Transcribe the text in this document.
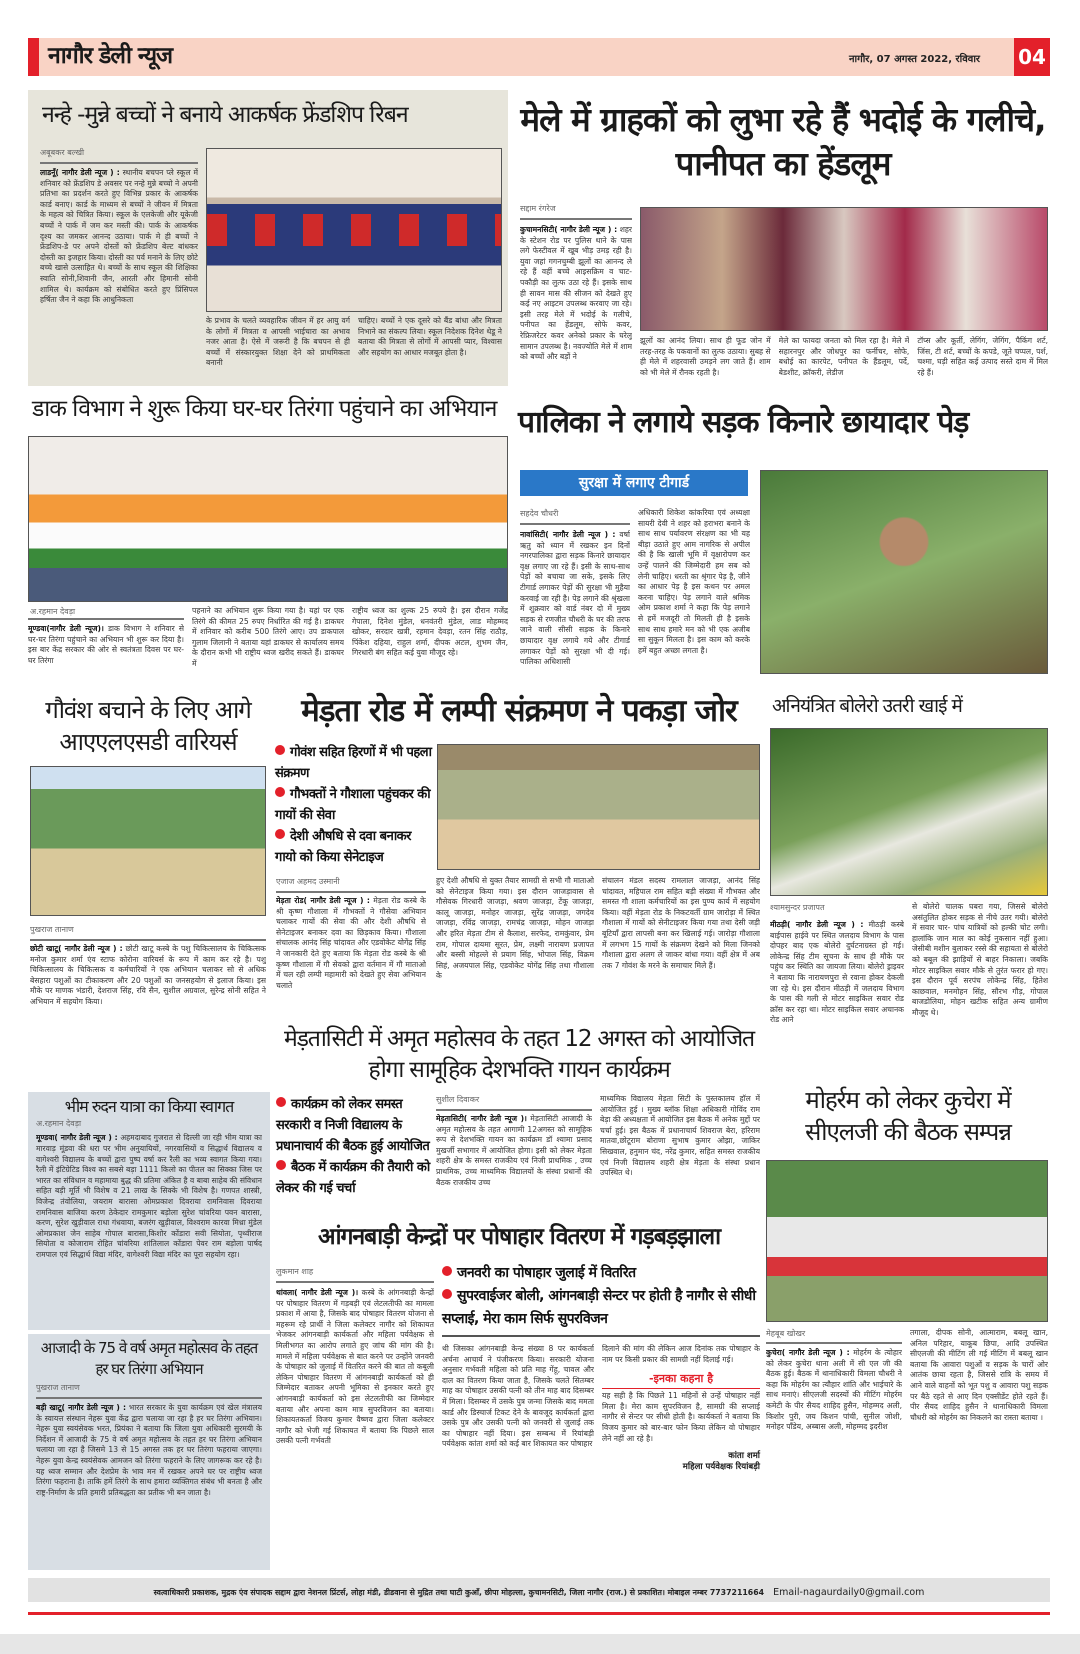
नागौर डेली न्यूज	नागौर, 07 अगस्त 2022, रविवार 04
नन्हे -मुन्ने बच्चों ने बनाये आकर्षक फ्रेंडशिप रिबन
अबूबकर बल्खी
लाडनूँ( नागौर डेली न्यूज ) : स्थानीय बचपन प्ले स्कूल में शनिवार को फ्रेंडशिप डे अवसर पर नन्हे मुन्ने बच्चो ने अपनी प्रतिभा का प्रदर्शन करते हुए विभिन्न प्रकार के आकर्षक कार्ड बनाए। कार्ड के माध्यम से बच्चों ने जीवन में मित्रता के महत्व को चित्रित किया। स्कूल के एलकेजी और यूकेजी बच्चों ने पार्क में जम कर मस्ती की। पार्क के आकर्षक दृश्य का जमकर आनन्द उठाया। पार्क मे ही बच्चों ने फ्रेंडशिप-डे पर अपने दोस्तों को फ्रेंडशिप बेल्ट बांधकर दोस्ती का इजहार किया। दोस्ती का पर्व मनाने के लिए छोटे बच्चे खासे उत्साहित थे। बच्चों के साथ स्कूल की शिक्षिका स्वाति सोनी,शिवानी जैन, आरती और हिमानी सोनी शामिल थे। कार्यक्रम को संबोधित करते हुए प्रिंसिपल हर्षिता जैन ने कहा कि आधुनिकता
के प्रभाव के चलते व्यवहारिक जीवन में हर आयु वर्ग के लोगों में मित्रता व आपसी भाईचारा का अभाव नजर आता है। ऐसे में जरूरी है कि बचपन से ही बच्चों में संस्कारयुक्त शिक्षा देने को प्राथमिकता बनानी
चाहिए। बच्चों ने एक दूसरे को बैंड बांधा और मित्रता निभाने का संकल्प लिया। स्कूल निदेशक दिनेश थेडू ने बताया की मित्रता से लोगों में आपसी प्यार, विश्वास और सहयोग का आधार मजबूत होता है।
मेले में ग्राहकों को लुभा रहे हैं भदोई के गलीचे, पानीपत का हेंडलूम
सद्दाम रंगरेज
कुचामनसिटी( नागौर डेली न्यूज ) : शहर के स्टेशन रोड पर पुलिस थाने के पास लगे फेस्टीवल में खूब भीड़ उमड़ रही है। युवा जहां गगनचुम्बी झूलों का आनन्द ले रहे हैं वहीं बच्चे आइसक्रिम व चाट-पकौड़ी का लुत्फ उठा रहे हैं। इसके साथ ही सावन मास की सीजन को देखते हुए कई नए आइटम उपलब्ध करवाए जा रहे। इसी तरह मेले में भदोई के गलीचे, पनीपत का हेंडलूम, सोफे कवर, रेफ्रिजरेटर कवर अनेको प्रकार के घरेलू सामान उपलब्ध है। नवज्योति मेले में शाम को बच्चों और बड़ों ने
झूलों का आनंद लिया। साथ ही फूड जोन में तरह-तरह के पकवानों का लुत्फ उठाया। सुबह से ही मेले में शहरवासी उमड़ने लग जाते हैं। शाम को भी मेले में रौनक रहती है।
मेले का फायदा जनता को मिल रहा है। मेले में सहारनपुर और जोधपुर का फर्नीचर, सोफे, बधोई का कारपेट, पनीपत के हैंडलूम, पर्दे, बेडशीट, क्रॉकरी, लेडीज
टॉप्स और कूर्ती, लेगिंग, जेगिंग, पैकिंग शर्ट, जिंस, टी शर्ट, बच्चों के कपडे, जूते चप्पल, पर्श, चश्मा, घड़ी सहित कई उत्पाद सस्ते दाम में मिल रहे हैं।
डाक विभाग ने शुरू किया घर-घर तिरंगा पहुंचाने का अभियान
अ.रहमान देवड़ा
मूण्डवा(नागौर डेली न्यूज)। डाक विभाग ने शनिवार से घर-घर तिरंगा पहुंचाने का अभियान भी शुरू कर दिया है। इस बार केंद्र सरकार की ओर से स्वतंत्रता दिवस पर घर-घर तिरंगा
पहनाने का अभियान शुरू किया गया है। यहां पर एक तिरंगे की कीमत 25 रुपए निर्धारित की गई है। डाकघर में शनिवार को करीब 500 तिरंगे आए। उप डाकपाल गुलाम जिलानी ने बताया यहां डाकघर से कार्यालय समय के दौरान कभी भी राष्ट्रीय ध्वज खरीद सकते हैं। डाकघर में
राष्ट्रीय ध्वज का शुल्क 25 रुपये है। इस दौरान गजेंद्र गेपाला, दिनेश मुंडेल, धनवंतरी मुंडेल, लाड मोहम्मद खोकर, सरदार खत्री, रहमान देवड़ा, रतन सिंह राठौड़, पिंकेश दहिया, राहुल शर्मा, दीपक अटल, शुभम जैन, गिरधारी बंग सहित कई युवा मौजूद रहे।
पालिका ने लगाये सड़क किनारे छायादार पेड़
सुरक्षा में लगाए टीगार्ड
सहदेव चौधरी
नावांसिटी( नागौर डेली न्यूज ) : वर्षा ऋतु को ध्यान में रखकर इन दिनों नगरपालिका द्वारा सड़क किनारे छायादार वृक्ष लगाए जा रहे हैं। इसी के साथ-साथ पेड़ों को बचाया जा सके, इसके लिए टीगार्ड लगाकर पेड़ों की सुरक्षा भी मुहैया करवाई जा रही है। पेड़ लगाने की श्रृंखला में शुक्रवार को वार्ड नंबर दो में मुख्य सड़क से रणजीत चौधरी के घर की तरफ जाने वाली सीसी सड़क के किनारे छायादार वृक्ष लगाये गये और टीगार्ड लगाकर पेड़ों को सुरक्षा भी दी गई। पालिका अधिशासी
अधिकारी शिकेश कांकरिया एवं अध्यक्षा सायरी देवी ने शहर को हराभरा बनाने के साथ साथ पर्यावरण संरक्षण का भी यह बीड़ा उठाते हुए आम नागरिक से अपील की है कि खाली भूमि में वृक्षारोपण कर उन्हें पालने की जिम्मेदारी हम सब को लेनी चाहिए। धरती का श्रृंगार पेड़ है, जीने का आधार पेड़ है इस कथन पर अमल करना चाहिए। पेड़ लगाने वाले श्रमिक ओम प्रकाश शर्मा ने कहा कि पेड़ लगाने से हमें मजदूरी तो मिलती ही है इसके साथ साथ हमारे मन को भी एक अजीब सा सुकून मिलता है। इस काम को करके हमें बहुत अच्छा लगता है।
गौवंश बचाने के लिए आगे आएएलएसडी वारियर्स
पुखराज तानाण
छोटी खाटू( नागौर डेली न्यूज ) : छोटी खाटू कस्बे के पशु चिकित्सालय के चिकित्सक मनोज कुमार शर्मा एंव स्टाफ कोरोना वारियर्स के रूप में काम कर रहे है। पशु चिकित्सालय के चिकित्सक व कर्मचारियों ने एक अभियान चलाकर सो से अधिक बेसहारा पशुओं का टीकाकरण और 20 पशुओं का जनसहयोग से इलाज किया। इस मौके पर माणक भंडारी, देशराज सिंह, रवि सैन, सुशील अग्रवाल, सुरेन्द्र सोनी सहित ने अभियान में सहयोग किया।
मेड़ता रोड में लम्पी संक्रमण ने पकड़ा जोर
गोवंश सहित हिरणों में भी पहला संक्रमण
गौभक्तों ने गौशाला पहुंचकर की गायों की सेवा
देशी औषधि से दवा बनाकर गायो को किया सेनेटाइज
एजाज अहमद उस्मानी
मेड़ता रोड( नागौर डेली न्यूज ) : मेड़ता रोड कस्बे के श्री कृष्ण गौशाला में गौभक्तों ने गौसेवा अभियान चलाकर गायों की सेवा की और देशी औषधि से सेनेटाइजर बनाकर दवा का छिड़काव किया। गौशाला संचालक आनंद सिंह चांदावत और एडवोकेट योगेंद्र सिंह ने जानकारी देते हुए बताया कि मेड़ता रोड कस्बे के श्री कृष्ण गौशाला में गौ सेवको द्वारा वर्तमान में गौ माताओ में चल रही लम्पी महामारी को देखते हुए सेवा अभियान चलाते
हुए देशी औषधि से युक्त तैयार सामग्री से सभी गौ माताओ को सेनेटाइज किया गया। इस दौरान जाजड़ावास से गौसेवक गिरधारी जाजड़ा, श्रवण जाजड़ा, टेंकू जाजड़ा, कालू जाजड़ा, मनोहर जाजड़ा, सुरेंद्र जाजड़ा, जगदेव जाजड़ा, रविंद्र जाजड़ा, रामचंद्र जाजड़ा, मोहन जाजड़ा और हरित मेड़ता टीम से कैलाश, सरफेद, रामकुंवार, प्रेम राम, गोपाल दायमा सूरत, प्रेम, लक्ष्मी नारायण प्रजापत और बस्सी मोहल्ले से प्रयाग सिंह, भोपाल सिंह, विक्रम सिहं, अजयपाल सिंह, एडवोकेट योगेंद्र सिंह तथा गौशाला के
संचालन मंडल सदस्य रामलाल जाजड़ा, आनंद सिंह चांदावत, महिपाल राम सहित बड़ी संख्या में गौभक्त और समस्त गौ शाला कर्मचारियों का इस पुण्य कार्य में सहयोग किया। वहीं मेड़ता रोड के निकटवर्ती ग्राम जारोड़ा में स्थित गौशाला में गायों को सेनीटाइजर किया गया तथा देसी जड़ी बूटियाँ द्वारा लापसी बना कर खिलाई गई। जारोड़ा गौशाला में लगभग 15 गायों के संक्रमण देखने को मिला जिनको गौशाला द्वारा अलग ले जाकर बांधा गया। वहीं क्षेत्र में अब तक 7 गोवंश के मरने के समाचार मिले हैं।
अनियंत्रित बोलेरो उतरी खाई में
श्यामसुन्दर प्रजापत
मीठड़ी( नागौर डेली न्यूज ) : मीठड़ी कस्बे बाईपास हाईवे पर स्थित जलदाय विभाग के पास दोपहर बाद एक बोलेरो दुर्घटनाग्रस्त हो गई। लोकेन्द्र सिंह टीम सूचना के साथ ही मौके पर पहुंच कर स्थिति का जायजा लिया। बोलेरो ड्राइवर ने बताया कि नारायणपुरा से रवाना होकर देकली जा रहे थे। इस दौरान मीठड़ी में जलदाय विभाग के पास की गली से मोटर साइकिल सवार रोड क्रॉस कर रहा था। मोटर साइकिल सवार अचानक रोड आने
से बोलेरो चालक घबरा गया, जिससे बोलेरो असंतुलित होकर सड़क से नीचे उतर गयी। बोलेरो में सवार चार- पांच यात्रियों को हल्की चोट लगी। हालांकि जान माल का कोई नुकसान नहीं हुआ। जेसीबी मशीन बुलाकर रस्से की सहायता से बोलेरो को बबूल की झाड़ियों से बाहर निकाला। जबकि मोटर साइकिल सवार मौके से तुरंत फरार हो गए। इस दौरान पूर्व सरपंच लोकेन्द्र सिंह, हितेश काछवाल, मनमोहन सिंह, सौरभ गौड़, गोपाल बाजडोलिया, मोहन खटीक सहित अन्य ग्रामीण मौजूद थे।
भीम रुदन यात्रा का किया स्वागत
अ.रहमान देवड़ा
मूण्डवा( नागौर डेली न्यूज ) : अहमदाबाद गुजरात से दिल्ली जा रही भीम यात्रा का मारवाड़ मूंडवा की धरा पर भीम अनुयायियों, नगरवासियों व सिद्धार्थ विद्यालय व वागेश्वरी विद्यालय के बच्चों द्वारा पुष्प वर्षा कर रैली का भव्य स्वागत किया गया। रैली में इंटिग्रेटिड विश्व का सबसे बड़ा 1111 किलो का पीतल का सिक्का जिस पर भारत का संविधान व महामाया बुद्ध की प्रतिमा अंकित है व बाबा साहेब की संविधान सहित बड़ी मूर्ति भी विशेष व 21 लाख के सिक्के भी विशेष है। गणपत शास्त्री, विजेन्द्र तंवोलिया, जयराम बारासा ओमप्रकाश दिवराया रामनिवास दिवराया रामनिवास बाजिया करण ठेकेदार रामकुमार बड़ोला सुरेश चांवरिया पवन बारासा, करण, सुरेश खुड़ीवाल राधा गंधवाया, बजरंग खुड़ीवाल, विश्वराम कारवा मिथ्रा मुंडेल ओमप्रकाश जेन साहेब गोपाल बारासा,किशोर कोंडारा सवी सियोता, पृथ्वीराज सियोता व कोजाराम रोहित चांवरिया शांतिलाल कोंडारा पेवर राम बड़ोला पार्षद रामपाल एवं सिद्धार्थ विद्या मंदिर, वागेश्वरी विद्या मंदिर का पूरा सहयोग रहा।
आजादी के 75 वे वर्ष अमृत महोत्सव के तहत हर घर तिरंगा अभियान
पुखराज तानाण
बड़ी खाटू( नागौर डेली न्यूज ) : भारत सरकार के युवा कार्यक्रम एवं खेल मंत्रालय के स्वायत्त संस्थान नेहरू युवा केंद्र द्वारा चलाया जा रहा है हर घर तिरंगा अभियान। नेहरू युवा स्वयंसेवक भरत, प्रियंका ने बताया कि जिला युवा अधिकारी सुरमयी के निर्देशन में आजादी के 75 वे वर्ष अमृत महोत्सव के तहत हर घर तिरंगा अभियान चलाया जा रहा है जिसमे 13 से 15 अगस्त तक हर घर तिरंगा फहराया जाएगा। नेहरू युवा केन्द्र स्वयंसेवक आमजन को तिरंगा फहराने के लिए जागरूक कर रहे है। यह ध्वज सम्मान और देशप्रेम के भाव मन में रखकर अपने घर पर राष्ट्रीय ध्वज तिरंगा फहराना है। ताकि हमें तिरंगे के साथ हमारा व्यक्तिगत संबंध भी बनता है और राष्ट्र-निर्माण के प्रति हमारी प्रतिबद्धता का प्रतीक भी बन जाता है।
मेड़तासिटी में अमृत महोत्सव के तहत 12 अगस्त को आयोजित होगा सामूहिक देशभक्ति गायन कार्यक्रम
कार्यक्रम को लेकर समस्त सरकारी व निजी विद्यालय के प्रधानाचार्य की बैठक हुई आयोजित
बैठक में कार्यक्रम की तैयारी को लेकर की गई चर्चा
सुशील दिवाकर
मेड़तासिटी( नागौर डेली न्यूज )। मेड़तासिटी आजादी के अमृत महोत्सव के तहत आगामी 12अगस्त को सामूहिक रूप से देशभक्ति गायन का कार्यक्रम डॉ श्यामा प्रसाद मुखर्जी सभागार में आयोजित होगा। इसी को लेकर मेड़ता शहरी क्षेत्र के समस्त राजकीय एवं निजी प्राथमिक , उच्च प्राथमिक, उच्च माध्यमिक विद्यालयों के संस्था प्रधानों की बैठक राजकीय उच्च
माध्यमिक विद्यालय मेड़ता सिटी के पुस्तकालय हॉल में आयोजित हुई । मुख्य ब्लॉक शिक्षा अधिकारी गोविंद राम बेड़ा की अध्यक्षता में आयोजित इस बैठक में अनेक मुद्दों पर चर्चा हुई। इस बैठक में प्रधानाचार्य शिवराज बेरा, हरिराम मातवा,छोटूराम बोराणा सुभाष कुमार ओझा, जाकिर सिखवाल, हनुमान चंद, नरेंद्र कुमार, सहित समस्त राजकीय एवं निजी विद्यालय शहरी क्षेत्र मेड़ता के संस्था प्रधान उपस्थित थे।
मोहर्रम को लेकर कुचेरा में सीएलजी की बैठक सम्पन्न
मेहबूब खोखर
कुचेरा( नागौर डेली न्यूज ) : मोहर्रम के त्योहार को लेकर कुचेरा थाना अली में सी एल जी की बैठक हुई। बैठक में थानाधिकारी विमला चौधरी ने कहा कि मोहर्रम का त्यौहार शांति और भाईचारे के साथ मनाएं। सीएलजी सदस्यों की मीटिंग मोहर्रम कमेटी के पीर सैयद शाहिद हुसैन, मोहम्मद अली, किशोर पुरी, जय किशन पांची, सुनील जोशी, मनोहर पाँडेय, अब्बास अली, मोहम्मद इदरीश
तगाला, दीपक सोनी, आत्माराम, बबलू खान, अनिल परिहार, याकूब छिपा, आदि उपस्थित सीएलजी की मीटिंग ली गई मीटिंग में बबलू खान बताया कि आवारा पशुओं व सड़क के चारों ओर आतंक छाया रहता है, जिससे रात्रि के समय में आने वाले वाहनों को भूत पशु व आवारा पशु सड़क पर बैठे रहते से आए दिन एक्सीडेंट होते रहते हैं। पीर सैयद शाहिद हुसैन ने थानाधिकारी विमला चौधरी को मोहर्रम का निकलने का रास्ता बताया ।
आंगनबाड़ी केन्द्रों पर पोषाहार वितरण में गड़बड़झाला
लुकमान शाह
थांवला( नागौर डेली न्यूज )। कस्बे के आंगनबाड़ी केन्द्रों पर पोषाहार वितरण में गड़बड़ी एवं लेटलतीफी का मामला प्रकाश में आया है, जिसके बाद पोषाहार वितरण योजना से महरूम रहे प्रार्थी ने जिला कलेक्टर नागौर को शिकायत भेजकर आंगनबाड़ी कार्यकर्ता और महिला पर्यवेक्षक से मिलीभगत का आरोप लगाते हुए जांच की मांग की है। मामले में महिला पर्यवेक्षक से बात करने पर उन्होंने जनवरी के पोषाहार को जुलाई में वितरित करने की बात तो कबूली लेकिन पोषाहार वितरण में आंगनबाड़ी कार्यकर्ता को ही जिम्मेदार बताकर अपनी भूमिका से इनकार करते हुए आंगनबाड़ी कार्यकर्ता को इस लेटलतीफी का जिम्मेदार बताया और अपना काम मात्र सुपरविजन का बताया। शिकायतकर्ता विजय कुमार वैष्णव द्वारा जिला कलेक्टर नागौर को भेजी गई शिकायत में बताया कि पिछले साल उसकी पत्नी गर्भवती
जनवरी का पोषाहार जुलाई में वितरित
सुपरवाईजर बोली, आंगनबाड़ी सेन्टर पर होती है नागौर से सीधी सप्लाई, मेरा काम सिर्फ सुपरविजन
थी जिसका आंगनबाड़ी केन्द्र संख्या 8 पर कार्यकर्ता अर्चना आचार्य ने पंजीकरण किया। सरकारी योजना अनुसार गर्भवती महिला को प्रति माह गेंहू, चावल और दाल का वितरण किया जाता है, जिसके चलते सितम्बर माह का पोषाहार उसकी पत्नी को तीन माह बाद दिसम्बर में मिला। दिसम्बर में उसके पुत्र जन्मा जिसके बाद ममता कार्ड और डिस्चार्ज टिकट देने के बावजूद कार्यकर्ता द्वारा उसके पुत्र और उसकी पत्नी को जनवरी से जुलाई तक का पोषाहार नहीं दिया। इस सम्बन्ध में रियांबड़ी पर्यवेक्षक कांता शर्मा को कई बार शिकायत कर पोषाहार
दिलाने की मांग की लेकिन आज दिनांक तक पोषाहार के नाम पर किसी प्रकार की सामग्री नहीं दिलाई गई।
-इनका कहना है
यह सही है कि पिछले 11 महिनों से उन्हें पोषाहार नहीं मिला है। मेरा काम सुपरविजन है, सामग्री की सप्लाई नागौर से सेन्टर पर सीधी होती है। कार्यकर्ता ने बताया कि विजय कुमार को बार-बार फोन किया लेकिन वो पोषाहार लेने नहीं आ रहे है।
कांता शर्मा
महिला पर्यवेक्षक रियांबड़ी
स्वत्वाधिकारी प्रकाशक, मुद्रक एंव संपादक सद्दाम द्वारा नेशनल प्रिंटर्स, लोहा मंडी, डीडवाना से मुद्रित तथा घाटी कुआँ, छीपा मोहल्ला, कुचामनसिटी, जिला नागौर (राज.) से प्रकाशित। मोबाइल नम्बर 7737211664 Email-nagaurdaily0@gmail.com
